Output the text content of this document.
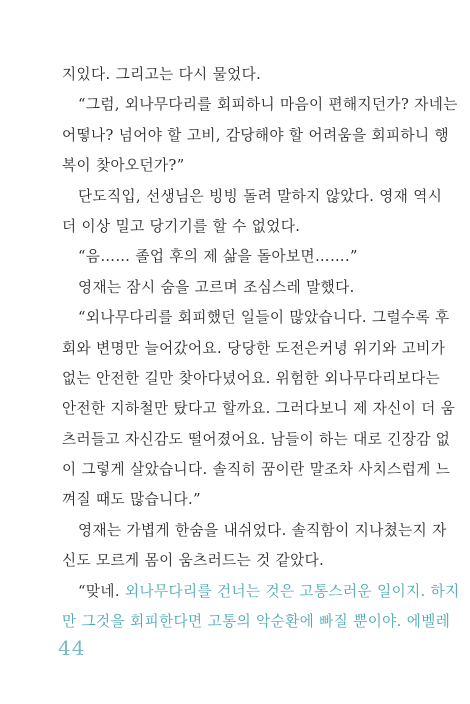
지있다. 그리고는 다시 물었다.
“그럼, 외나무다리를 회피하니 마음이 편해지던가? 자네는
어떻나? 넘어야 할 고비, 감당해야 할 어려움을 회피하니 행
복이 찾아오던가?”
단도직입, 선생님은 빙빙 돌려 말하지 않았다. 영재 역시
더 이상 밀고 당기기를 할 수 없었다.
“음…… 졸업 후의 제 삶을 돌아보면…….”
영재는 잠시 숨을 고르며 조심스레 말했다.
“외나무다리를 회피했던 일들이 많았습니다. 그럴수록 후
회와 변명만 늘어갔어요. 당당한 도전은커녕 위기와 고비가
없는 안전한 길만 찾아다녔어요. 위험한 외나무다리보다는
안전한 지하철만 탔다고 할까요. 그러다보니 제 자신이 더 움
츠러들고 자신감도 떨어졌어요. 남들이 하는 대로 긴장감 없
이 그렇게 살았습니다. 솔직히 꿈이란 말조차 사치스럽게 느
껴질 때도 많습니다.”
영재는 가볍게 한숨을 내쉬었다. 솔직함이 지나쳤는지 자
신도 모르게 몸이 움츠러드는 것 같았다.
“맞네. 외나무다리를 건너는 것은 고통스러운 일이지. 하지
만 그것을 회피한다면 고통의 악순환에 빠질 뿐이야. 에벨레
44
